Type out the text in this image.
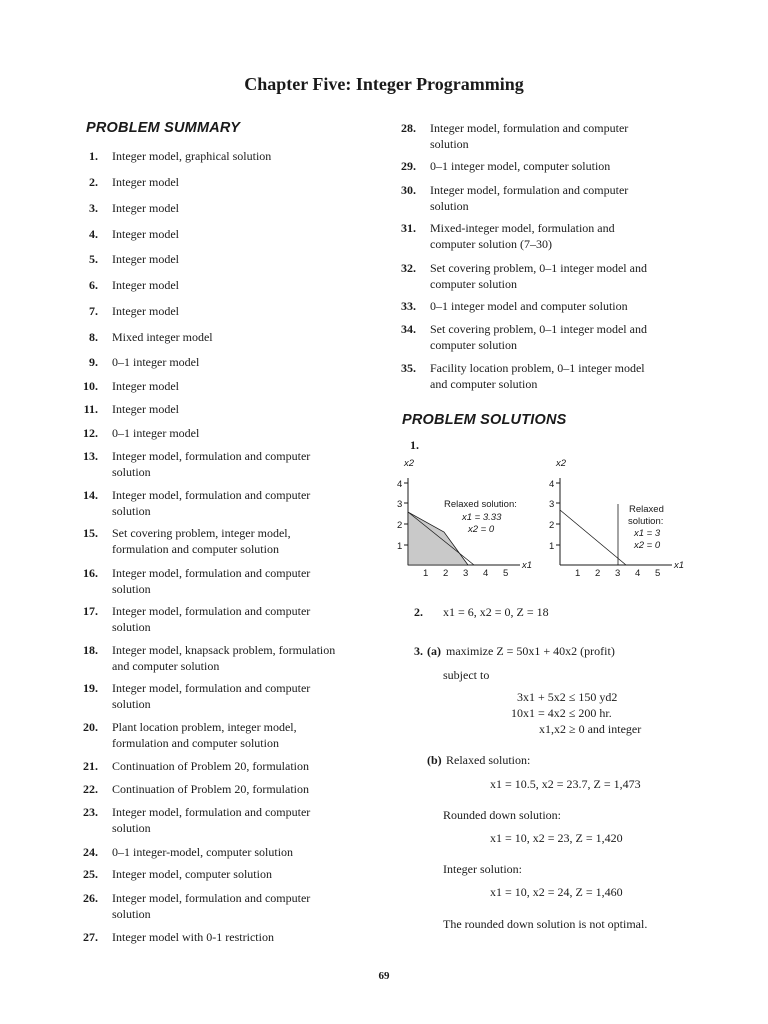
Chapter Five: Integer Programming
PROBLEM SUMMARY
1. Integer model, graphical solution
2. Integer model
3. Integer model
4. Integer model
5. Integer model
6. Integer model
7. Integer model
8. Mixed integer model
9. 0–1 integer model
10. Integer model
11. Integer model
12. 0–1 integer model
13. Integer model, formulation and computer
solution
14. Integer model, formulation and computer
solution
15. Set covering problem, integer model,
formulation and computer solution
16. Integer model, formulation and computer
solution
17. Integer model, formulation and computer
solution
18. Integer model, knapsack problem, formulation
and computer solution
19. Integer model, formulation and computer
solution
20. Plant location problem, integer model,
formulation and computer solution
21. Continuation of Problem 20, formulation
22. Continuation of Problem 20, formulation
23. Integer model, formulation and computer
solution
24. 0–1 integer-model, computer solution
25. Integer model, computer solution
26. Integer model, formulation and computer
solution
27. Integer model with 0-1 restriction
28. Integer model, formulation and computer
solution
29. 0–1 integer model, computer solution
30. Integer model, formulation and computer
solution
31. Mixed-integer model, formulation and
computer solution (7–30)
32. Set covering problem, 0–1 integer model and
computer solution
33. 0–1 integer model and computer solution
34. Set covering problem, 0–1 integer model and
computer solution
35. Facility location problem, 0–1 integer model
and computer solution
PROBLEM SOLUTIONS
1.
1
2
3
4
1 2 3 4 5
x2
x1
Relaxed solution:
x1 = 3.33
x2 = 0
1
2
3
4
1 2 3 4 5
x2
x1
Relaxed
solution:
x1 = 3
x2 = 0
2. x1 = 6, x2 = 0, Z = 18
3. (a) maximize Z = 50x1 + 40x2 (profit)
subject to
3x1 + 5x2 ≤ 150 yd2
10x1 = 4x2 ≤ 200 hr.
x1,x2 ≥ 0 and integer
(b) Relaxed solution:
x1 = 10.5, x2 = 23.7, Z = 1,473
Rounded down solution:
x1 = 10, x2 = 23, Z = 1,420
Integer solution:
x1 = 10, x2 = 24, Z = 1,460
The rounded down solution is not optimal.
69
